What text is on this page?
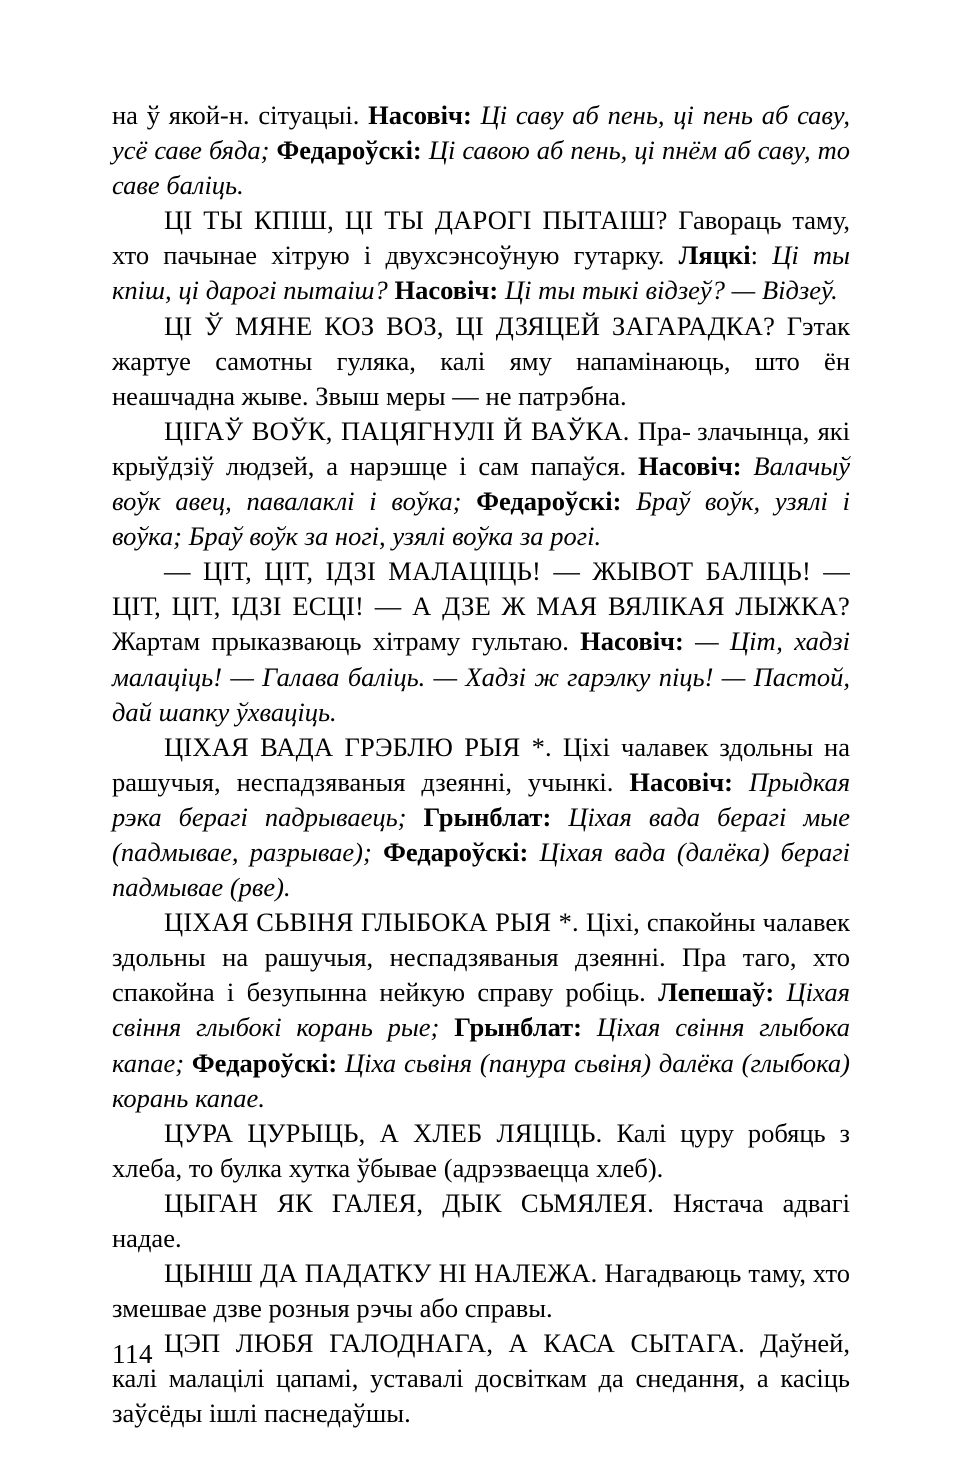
на ў якой-н. сітуацыі. Насовіч: Ці саву аб пень, ці пень аб саву, усё саве бяда; Федароўскі: Ці савою аб пень, ці пнём аб саву, то саве баліць.

ЦІ ТЫ КПІШ, ЦІ ТЫ ДАРОГІ ПЫТАІШ? Гавораць таму, хто пачынае хітрую і двухсэнсоўную гутарку. Ляцкі: Ці ты кпіш, ці дарогі пытаіш? Насовіч: Ці ты тыкі відзеў? — Відзеў.

ЦІ Ў МЯНЕ КОЗ ВОЗ, ЦІ ДЗЯЦЕЙ ЗАГАРАДКА? Гэтак жартуе самотны гуляка, калі яму напамінаюць, што ён неашчадна жыве. Звыш меры — не патрэбна.

ЦІГАЎ ВОЎК, ПАЦЯГНУЛІ Й ВАЎКА. Пра злачынца, які крыўдзіў людзей, а нарэшце і сам папаўся. Насовіч: Валачыў воўк авец, павалаклі і воўка; Федароўскі: Браў воўк, узялі і воўка; Браў воўк за ногі, узялі воўка за рогі.

— ЦІТ, ЦІТ, ІДЗІ МАЛАЦІЦЬ! — ЖЫВОТ БАЛІЦЬ! — ЦІТ, ЦІТ, ІДЗІ ЕСЦІ! — А ДЗЕ Ж МАЯ ВЯЛІКАЯ ЛЫЖКА? Жартам прыказваюць хітраму гультаю. Насовіч: — Ціт, хадзі малаціць! — Галава баліць. — Хадзі ж гарэлку піць! — Пастой, дай шапку ўхваціць.

ЦІХАЯ ВАДА ГРЭБЛЮ РЫЯ *. Ціхі чалавек здольны на рашучыя, неспадзяваныя дзеянні, учынкі. Насовіч: Прыдкая рэка берагі падрываець; Грынблат: Ціхая вада берагі мые (падмывае, разрывае); Федароўскі: Ціхая вада (далёка) берагі падмывае (рве).

ЦІХАЯ СЬВІНЯ ГЛЫБОКА РЫЯ *. Ціхі, спакойны чалавек здольны на рашучыя, неспадзяваныя дзеянні. Пра таго, хто спакойна і безупынна нейкую справу робіць. Лепешаў: Ціхая свіння глыбокі корань рые; Грынблат: Ціхая свіння глыбока капае; Федароўскі: Ціха сьвіня (панура сьвіня) далёка (глыбока) корань капае.

ЦУРА ЦУРЫЦЬ, А ХЛЕБ ЛЯЦІЦЬ. Калі цуру робяць з хлеба, то булка хутка ўбывае (адрэзваецца хлеб).

ЦЫГАН ЯК ГАЛЕЯ, ДЫК СЬМЯЛЕЯ. Нястача адвагі надае.

ЦЫНШ ДА ПАДАТКУ НІ НАЛЕЖА. Нагадваюць таму, хто змешвае дзве розныя рэчы або справы.

ЦЭП ЛЮБЯ ГАЛОДНАГА, А КАСА СЫТАГА. Даўней, калі малацілі цапамі, уставалі досвіткам да снедання, а касіць заўсёды ішлі паснедаўшы.

114
